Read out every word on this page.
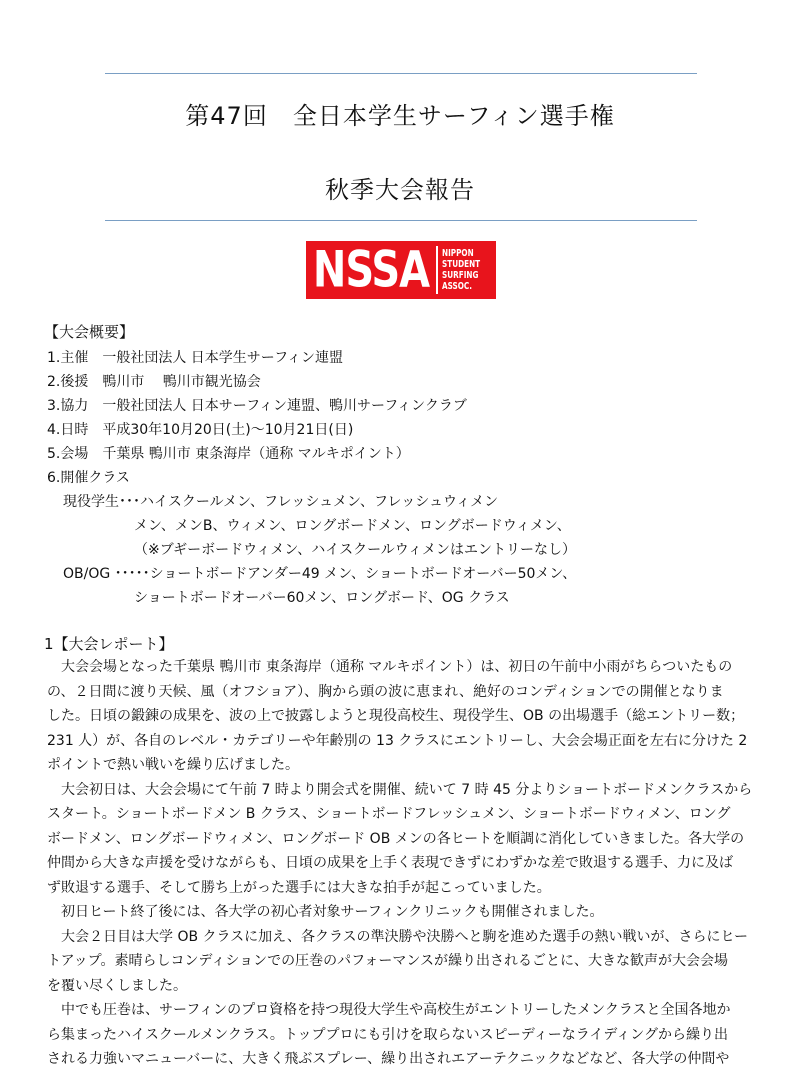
第47回　全日本学生サーフィン選手権
秋季大会報告
NSSA	NIPPON
STUDENT
SURFING
ASSOC.
【大会概要】
1.主催　一般社団法人 日本学生サーフィン連盟
2.後援　鴨川市　 鴨川市観光協会
3.協力　一般社団法人 日本サーフィン連盟、鴨川サーフィンクラブ
4.日時　平成30年10月20日(土)～10月21日(日)
5.会場　千葉県 鴨川市 東条海岸（通称 マルキポイント）
6.開催クラス
現役学生･･･ハイスクールメン、フレッシュメン、フレッシュウィメン
メン、メンB、ウィメン、ロングボードメン、ロングボードウィメン、
（※ブギーボードウィメン、ハイスクールウィメンはエントリーなし）
OB/OG ･････ショートボードアンダー49 メン、ショートボードオーバー50メン、
ショートボードオーバー60メン、ロングボード、OG クラス
1【大会レポート】
　大会会場となった千葉県 鴨川市 東条海岸（通称 マルキポイント）は、初日の午前中小雨がちらついたもの
の、２日間に渡り天候、風（オフショア）、胸から頭の波に恵まれ、絶好のコンディションでの開催となりま
した。日頃の鍛錬の成果を、波の上で披露しようと現役高校生、現役学生、OB の出場選手（総エントリー数；
231 人）が、各自のレベル・カテゴリーや年齢別の 13 クラスにエントリーし、大会会場正面を左右に分けた 2
ポイントで熱い戦いを繰り広げました。
　大会初日は、大会会場にて午前 7 時より開会式を開催、続いて 7 時 45 分よりショートボードメンクラスから
スタート。ショートボードメン B クラス、ショートボードフレッシュメン、ショートボードウィメン、ロング
ボードメン、ロングボードウィメン、ロングボード OB メンの各ヒートを順調に消化していきました。各大学の
仲間から大きな声援を受けながらも、日頃の成果を上手く表現できずにわずかな差で敗退する選手、力に及ば
ず敗退する選手、そして勝ち上がった選手には大きな拍手が起こっていました。
　初日ヒート終了後には、各大学の初心者対象サーフィンクリニックも開催されました。
　大会２日目は大学 OB クラスに加え、各クラスの準決勝や決勝へと駒を進めた選手の熱い戦いが、さらにヒー
トアップ。素晴らしコンディションでの圧巻のパフォーマンスが繰り出されるごとに、大きな歓声が大会会場
を覆い尽くしました。
　中でも圧巻は、サーフィンのプロ資格を持つ現役大学生や高校生がエントリーしたメンクラスと全国各地か
ら集まったハイスクールメンクラス。トッププロにも引けを取らないスピーディーなライディングから繰り出
される力強いマニューバーに、大きく飛ぶスプレー、繰り出されエアーテクニックなどなど、各大学の仲間や
